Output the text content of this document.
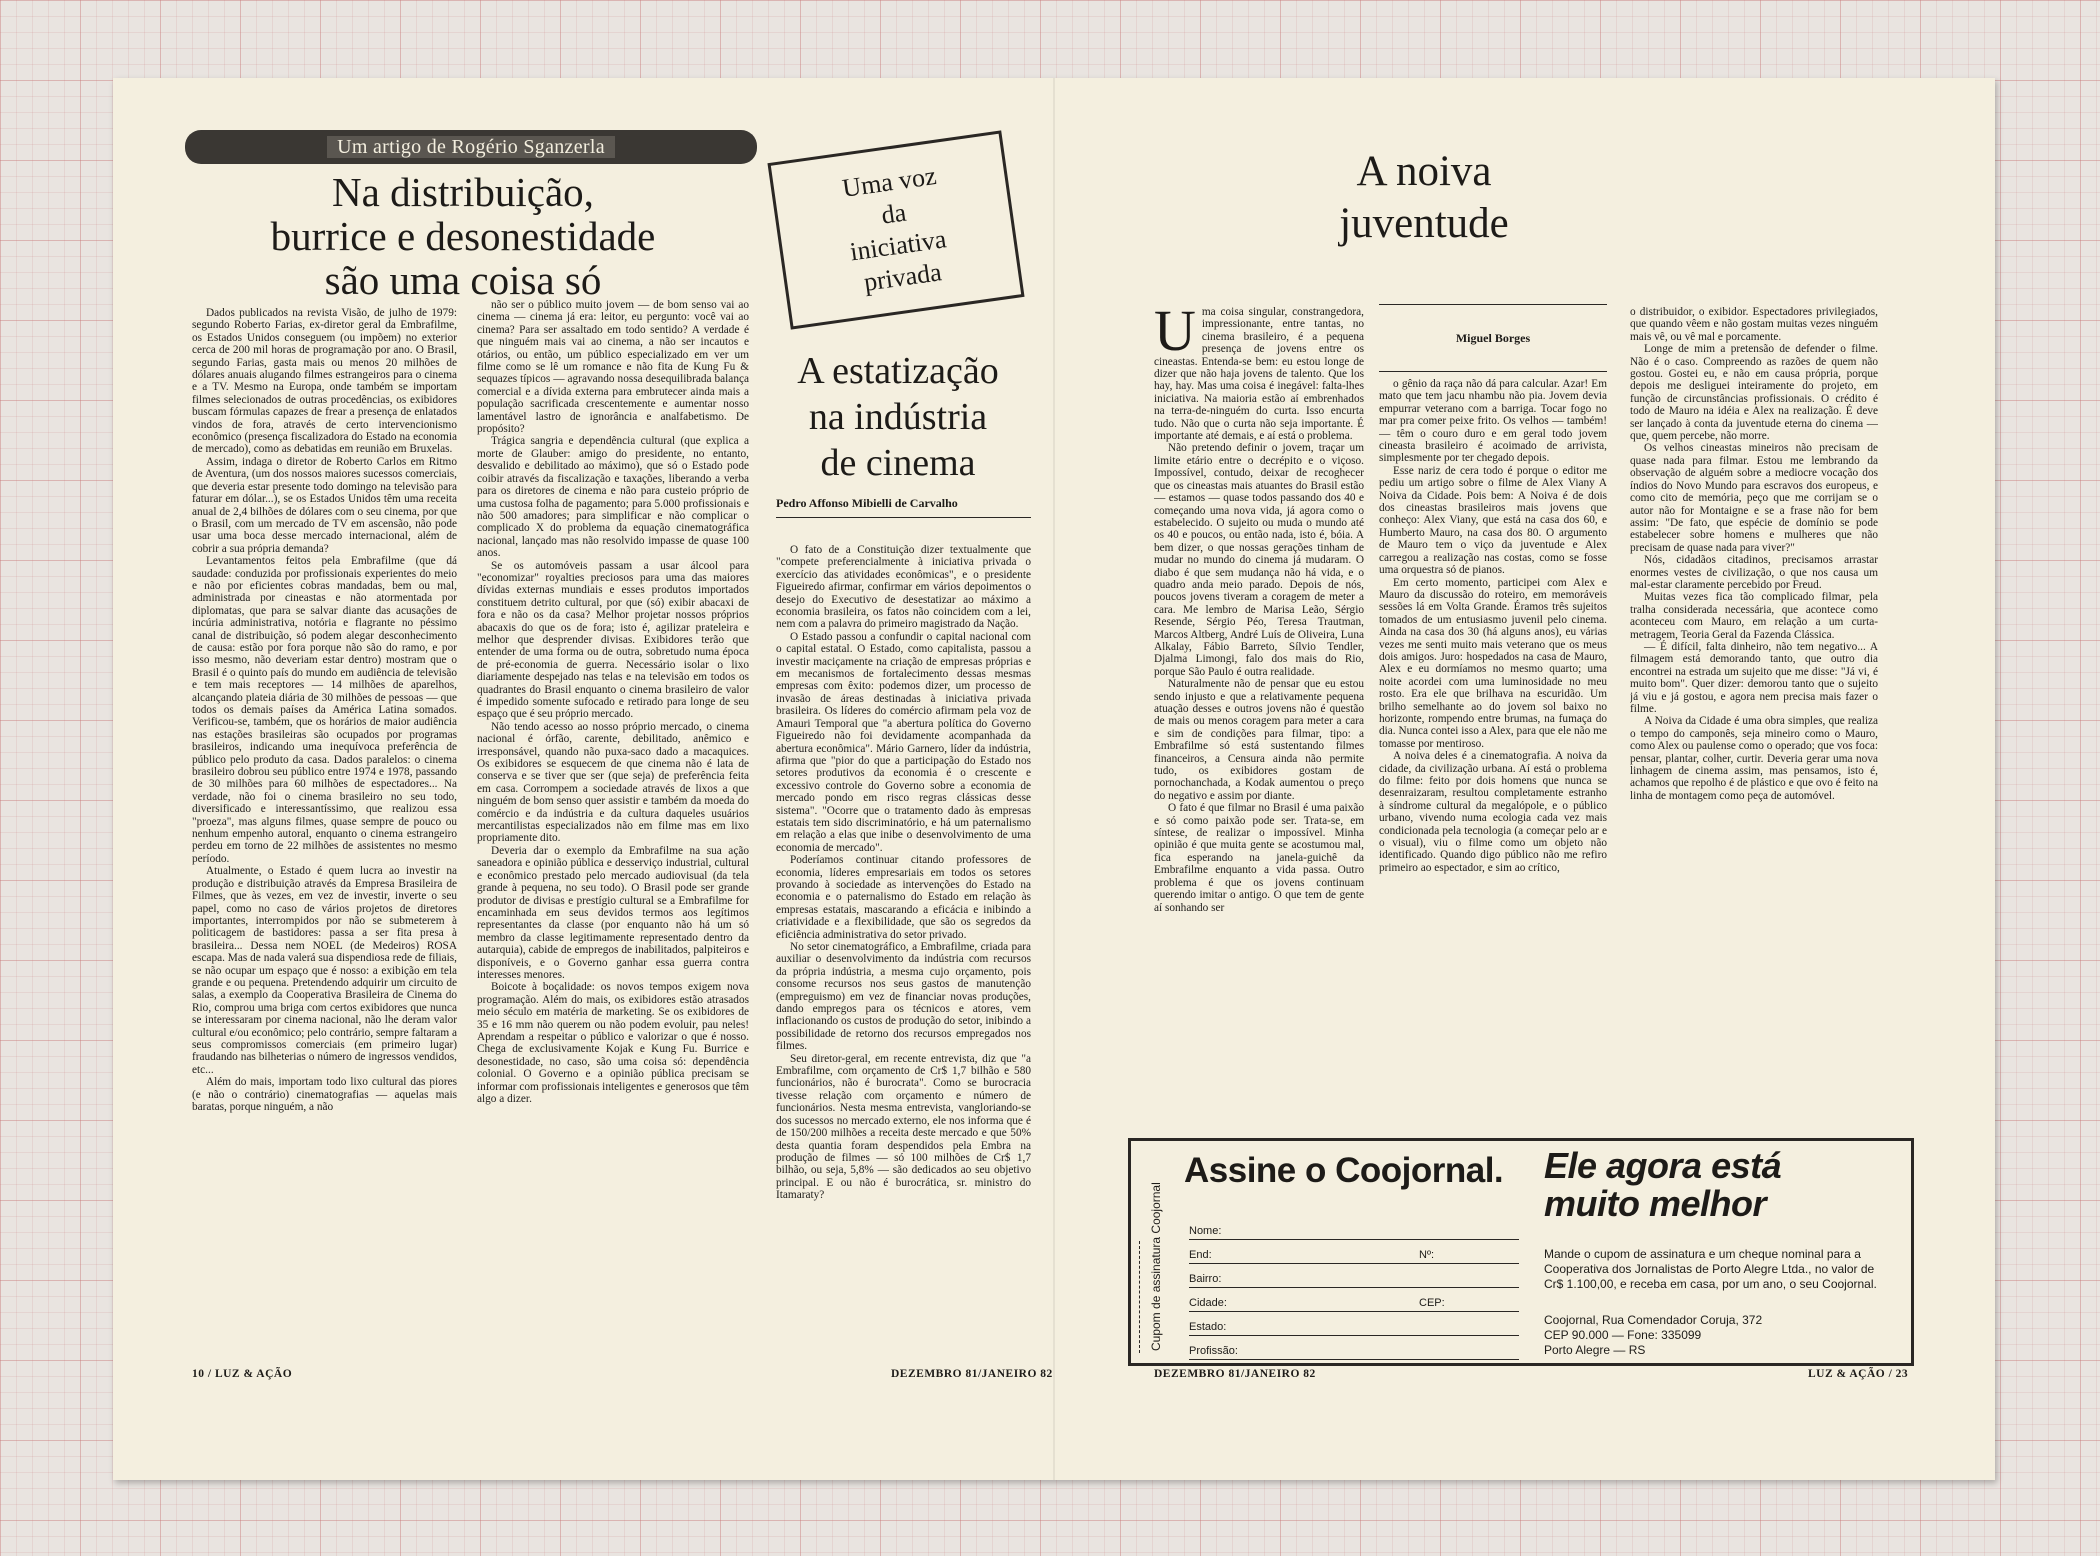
Um artigo de Rogério Sganzerla
Na distribuição,
burrice e desonestidade
são uma coisa só

Dados publicados na revista Visão, de julho de 1979: segundo Roberto Farias, ex-diretor geral da Embrafilme, os Estados Unidos conseguem (ou impõem) no exterior cerca de 200 mil horas de programação por ano. O Brasil, segundo Farias, gasta mais ou menos 20 milhões de dólares anuais alugando filmes estrangeiros para o cinema e a TV. Mesmo na Europa, onde também se importam filmes selecionados de outras procedências, os exibidores buscam fórmulas capazes de frear a presença de enlatados vindos de fora, através de certo intervencionismo econômico (presença fiscalizadora do Estado na economia de mercado), como as debatidas em reunião em Bruxelas.

Assim, indaga o diretor de Roberto Carlos em Ritmo de Aventura, (um dos nossos maiores sucessos comerciais, que deveria estar presente todo domingo na televisão para faturar em dólar...), se os Estados Unidos têm uma receita anual de 2,4 bilhões de dólares com o seu cinema, por que o Brasil, com um mercado de TV em ascensão, não pode usar uma boca desse mercado internacional, além de cobrir a sua própria demanda?

Levantamentos feitos pela Embrafilme (que dá saudade: conduzida por profissionais experientes do meio e não por eficientes cobras mandadas, bem ou mal, administrada por cineastas e não atormentada por diplomatas, que para se salvar diante das acusações de incúria administrativa, notória e flagrante no péssimo canal de distribuição, só podem alegar desconhecimento de causa: estão por fora porque não são do ramo, e por isso mesmo, não deveriam estar dentro) mostram que o Brasil é o quinto país do mundo em audiência de televisão e tem mais receptores — 14 milhões de aparelhos, alcançando plateia diária de 30 milhões de pessoas — que todos os demais países da América Latina somados. Verificou-se, também, que os horários de maior audiência nas estações brasileiras são ocupados por programas brasileiros, indicando uma inequívoca preferência de público pelo produto da casa. Dados paralelos: o cinema brasileiro dobrou seu público entre 1974 e 1978, passando de 30 milhões para 60 milhões de espectadores... Na verdade, não foi o cinema brasileiro no seu todo, diversificado e interessantíssimo, que realizou essa "proeza", mas alguns filmes, quase sempre de pouco ou nenhum empenho autoral, enquanto o cinema estrangeiro perdeu em torno de 22 milhões de assistentes no mesmo período.

Atualmente, o Estado é quem lucra ao investir na produção e distribuição através da Empresa Brasileira de Filmes, que às vezes, em vez de investir, inverte o seu papel, como no caso de vários projetos de diretores importantes, interrompidos por não se submeterem à politicagem de bastidores: passa a ser fita presa à brasileira... Dessa nem NOEL (de Medeiros) ROSA escapa. Mas de nada valerá sua dispendiosa rede de filiais, se não ocupar um espaço que é nosso: a exibição em tela grande e ou pequena. Pretendendo adquirir um circuito de salas, a exemplo da Cooperativa Brasileira de Cinema do Rio, comprou uma briga com certos exibidores que nunca se interessaram por cinema nacional, não lhe deram valor cultural e/ou econômico; pelo contrário, sempre faltaram a seus compromissos comerciais (em primeiro lugar) fraudando nas bilheterias o número de ingressos vendidos, etc...

Além do mais, importam todo lixo cultural das piores (e não o contrário) cinematografias — aquelas mais baratas, porque ninguém, a não

não ser o público muito jovem — de bom senso vai ao cinema — cinema já era: leitor, eu pergunto: você vai ao cinema? Para ser assaltado em todo sentido? A verdade é que ninguém mais vai ao cinema, a não ser incautos e otários, ou então, um público especializado em ver um filme como se lê um romance e não fita de Kung Fu & sequazes típicos — agravando nossa desequilibrada balança comercial e a dívida externa para embrutecer ainda mais a população sacrificada crescentemente e aumentar nosso lamentável lastro de ignorância e analfabetismo. De propósito?

Trágica sangria e dependência cultural (que explica a morte de Glauber: amigo do presidente, no entanto, desvalido e debilitado ao máximo), que só o Estado pode coibir através da fiscalização e taxações, liberando a verba para os diretores de cinema e não para custeio próprio de uma custosa folha de pagamento; para 5.000 profissionais e não 500 amadores; para simplificar e não complicar o complicado X do problema da equação cinematográfica nacional, lançado mas não resolvido impasse de quase 100 anos.

Se os automóveis passam a usar álcool para "economizar" royalties preciosos para uma das maiores dívidas externas mundiais e esses produtos importados constituem detrito cultural, por que (só) exibir abacaxi de fora e não os da casa? Melhor projetar nossos próprios abacaxis do que os de fora; isto é, agilizar prateleira e melhor que desprender divisas. Exibidores terão que entender de uma forma ou de outra, sobretudo numa época de pré-economia de guerra. Necessário isolar o lixo diariamente despejado nas telas e na televisão em todos os quadrantes do Brasil enquanto o cinema brasileiro de valor é impedido somente sufocado e retirado para longe de seu espaço que é seu próprio mercado.

Não tendo acesso ao nosso próprio mercado, o cinema nacional é órfão, carente, debilitado, anêmico e irresponsável, quando não puxa-saco dado a macaquices. Os exibidores se esquecem de que cinema não é lata de conserva e se tiver que ser (que seja) de preferência feita em casa. Corrompem a sociedade através de lixos a que ninguém de bom senso quer assistir e também da moeda do comércio e da indústria e da cultura daqueles usuários mercantilistas especializados não em filme mas em lixo propriamente dito.

Deveria dar o exemplo da Embrafilme na sua ação saneadora e opinião pública e desserviço industrial, cultural e econômico prestado pelo mercado audiovisual (da tela grande à pequena, no seu todo). O Brasil pode ser grande produtor de divisas e prestígio cultural se a Embrafilme for encaminhada em seus devidos termos aos legítimos representantes da classe (por enquanto não há um só membro da classe legitimamente representado dentro da autarquia), cabide de empregos de inabilitados, palpiteiros e disponíveis, e o Governo ganhar essa guerra contra interesses menores.

Boicote à boçalidade: os novos tempos exigem nova programação. Além do mais, os exibidores estão atrasados meio século em matéria de marketing. Se os exibidores de 35 e 16 mm não querem ou não podem evoluir, pau neles! Aprendam a respeitar o público e valorizar o que é nosso. Chega de exclusivamente Kojak e Kung Fu. Burrice e desonestidade, no caso, são uma coisa só: dependência colonial. O Governo e a opinião pública precisam se informar com profissionais inteligentes e generosos que têm algo a dizer.

Uma voz
da
iniciativa
privada
A estatização
na indústria
de cinema
Pedro Affonso Mibielli de Carvalho

O fato de a Constituição dizer textualmente que "compete preferencialmente à iniciativa privada o exercício das atividades econômicas", e o presidente Figueiredo afirmar, confirmar em vários depoimentos o desejo do Executivo de desestatizar ao máximo a economia brasileira, os fatos não coincidem com a lei, nem com a palavra do primeiro magistrado da Nação.

O Estado passou a confundir o capital nacional com o capital estatal. O Estado, como capitalista, passou a investir maciçamente na criação de empresas próprias e em mecanismos de fortalecimento dessas mesmas empresas com êxito: podemos dizer, um processo de invasão de áreas destinadas à iniciativa privada brasileira. Os líderes do comércio afirmam pela voz de Amauri Temporal que "a abertura política do Governo Figueiredo não foi devidamente acompanhada da abertura econômica". Mário Garnero, líder da indústria, afirma que "pior do que a participação do Estado nos setores produtivos da economia é o crescente e excessivo controle do Governo sobre a economia de mercado pondo em risco regras clássicas desse sistema". "Ocorre que o tratamento dado às empresas estatais tem sido discriminatório, e há um paternalismo em relação a elas que inibe o desenvolvimento de uma economia de mercado".

Poderíamos continuar citando professores de economia, líderes empresariais em todos os setores provando à sociedade as intervenções do Estado na economia e o paternalismo do Estado em relação às empresas estatais, mascarando a eficácia e inibindo a criatividade e a flexibilidade, que são os segredos da eficiência administrativa do setor privado.

No setor cinematográfico, a Embrafilme, criada para auxiliar o desenvolvimento da indústria com recursos da própria indústria, a mesma cujo orçamento, pois consome recursos nos seus gastos de manutenção (empreguismo) em vez de financiar novas produções, dando empregos para os técnicos e atores, vem inflacionando os custos de produção do setor, inibindo a possibilidade de retorno dos recursos empregados nos filmes.

Seu diretor-geral, em recente entrevista, diz que "a Embrafilme, com orçamento de Cr$ 1,7 bilhão e 580 funcionários, não é burocrata". Como se burocracia tivesse relação com orçamento e número de funcionários. Nesta mesma entrevista, vangloriando-se dos sucessos no mercado externo, ele nos informa que é de 150/200 milhões a receita deste mercado e que 50% desta quantia foram despendidos pela Embra na produção de filmes — só 100 milhões de Cr$ 1,7 bilhão, ou seja, 5,8% — são dedicados ao seu objetivo principal. E ou não é burocrática, sr. ministro do Itamaraty?

10 / LUZ & AÇÃO	DEZEMBRO 81/JANEIRO 82
A noiva
juventude
Miguel Borges
U ma coisa singular, constrangedora, impressionante, entre tantas, no cinema brasileiro, é a pequena presença de jovens entre os cineastas. Entenda-se bem: eu estou longe de dizer que não haja jovens de talento. Que los hay, hay. Mas uma coisa é inegável: falta-lhes iniciativa. Na maioria estão aí embrenhados na terra-de-ninguém do curta. Isso encurta tudo. Não que o curta não seja importante. É importante até demais, e aí está o problema.

Não pretendo definir o jovem, traçar um limite etário entre o decrépito e o viçoso. Impossível, contudo, deixar de recoghecer que os cineastas mais atuantes do Brasil estão — estamos — quase todos passando dos 40 e começando uma nova vida, já agora como o estabelecido. O sujeito ou muda o mundo até os 40 e poucos, ou então nada, isto é, bóia. A bem dizer, o que nossas gerações tinham de mudar no mundo do cinema já mudaram. O diabo é que sem mudança não há vida, e o quadro anda meio parado. Depois de nós, poucos jovens tiveram a coragem de meter a cara. Me lembro de Marisa Leão, Sérgio Resende, Sérgio Péo, Teresa Trautman, Marcos Altberg, André Luís de Oliveira, Luna Alkalay, Fábio Barreto, Sílvio Tendler, Djalma Limongi, falo dos mais do Rio, porque São Paulo é outra realidade.

Naturalmente não de pensar que eu estou sendo injusto e que a relativamente pequena atuação desses e outros jovens não é questão de mais ou menos coragem para meter a cara e sim de condições para filmar, tipo: a Embrafilme só está sustentando filmes financeiros, a Censura ainda não permite tudo, os exibidores gostam de pornochanchada, a Kodak aumentou o preço do negativo e assim por diante.

O fato é que filmar no Brasil é uma paixão e só como paixão pode ser. Trata-se, em síntese, de realizar o impossível. Minha opinião é que muita gente se acostumou mal, fica esperando na janela-guichê da Embrafilme enquanto a vida passa. Outro problema é que os jovens continuam querendo imitar o antigo. O que tem de gente aí sonhando ser

o gênio da raça não dá para calcular. Azar! Em mato que tem jacu nhambu não pia. Jovem devia empurrar veterano com a barriga. Tocar fogo no mar pra comer peixe frito. Os velhos — também! — têm o couro duro e em geral todo jovem cineasta brasileiro é acoimado de arrivista, simplesmente por ter chegado depois.

Esse nariz de cera todo é porque o editor me pediu um artigo sobre o filme de Alex Viany A Noiva da Cidade. Pois bem: A Noiva é de dois dos cineastas brasileiros mais jovens que conheço: Alex Viany, que está na casa dos 60, e Humberto Mauro, na casa dos 80. O argumento de Mauro tem o viço da juventude e Alex carregou a realização nas costas, como se fosse uma orquestra só de pianos.

Em certo momento, participei com Alex e Mauro da discussão do roteiro, em memoráveis sessões lá em Volta Grande. Éramos três sujeitos tomados de um entusiasmo juvenil pelo cinema. Ainda na casa dos 30 (há alguns anos), eu várias vezes me senti muito mais veterano que os meus dois amigos. Juro: hospedados na casa de Mauro, Alex e eu dormíamos no mesmo quarto; uma noite acordei com uma luminosidade no meu rosto. Era ele que brilhava na escuridão. Um brilho semelhante ao do jovem sol baixo no horizonte, rompendo entre brumas, na fumaça do dia. Nunca contei isso a Alex, para que ele não me tomasse por mentiroso.

A noiva deles é a cinematografia. A noiva da cidade, da civilização urbana. Aí está o problema do filme: feito por dois homens que nunca se desenraizaram, resultou completamente estranho à síndrome cultural da megalópole, e o público urbano, vivendo numa ecologia cada vez mais condicionada pela tecnologia (a começar pelo ar e o visual), viu o filme como um objeto não identificado. Quando digo público não me refiro primeiro ao espectador, e sim ao crítico,

o distribuidor, o exibidor. Espectadores privilegiados, que quando vêem e não gostam muitas vezes ninguém mais vê, ou vê mal e porcamente.

Longe de mim a pretensão de defender o filme. Não é o caso. Compreendo as razões de quem não gostou. Gostei eu, e não em causa própria, porque depois me desliguei inteiramente do projeto, em função de circunstâncias profissionais. O crédito é todo de Mauro na idéia e Alex na realização. É deve ser lançado à conta da juventude eterna do cinema — que, quem percebe, não morre.

Os velhos cineastas mineiros não precisam de quase nada para filmar. Estou me lembrando da observação de alguém sobre a mediocre vocação dos índios do Novo Mundo para escravos dos europeus, e como cito de memória, peço que me corrijam se o autor não for Montaigne e se a frase não for bem assim: "De fato, que espécie de domínio se pode estabelecer sobre homens e mulheres que não precisam de quase nada para viver?"

Nós, cidadãos citadinos, precisamos arrastar enormes vestes de civilização, o que nos causa um mal-estar claramente percebido por Freud.

Muitas vezes fica tão complicado filmar, pela tralha considerada necessária, que acontece como aconteceu com Mauro, em relação a um curta-metragem, Teoria Geral da Fazenda Clássica.

— É difícil, falta dinheiro, não tem negativo... A filmagem está demorando tanto, que outro dia encontrei na estrada um sujeito que me disse: "Já vi, é muito bom". Quer dizer: demorou tanto que o sujeito já viu e já gostou, e agora nem precisa mais fazer o filme.

A Noiva da Cidade é uma obra simples, que realiza o tempo do camponês, seja mineiro como o Mauro, como Alex ou paulense como o operado; que vos foca: pensar, plantar, colher, curtir. Deveria gerar uma nova linhagem de cinema assim, mas pensamos, isto é, achamos que repolho é de plástico e que ovo é feito na linha de montagem como peça de automóvel.

DEZEMBRO 81/JANEIRO 82	LUZ & AÇÃO / 23
Assine o Coojornal. Ele agora está muito melhor
Cupom de assinatura Coojornal Nome:
End:	Nº:
Bairro:
Cidade:	CEP:
Estado:
Profissão:
Mande o cupom de assinatura e um cheque nominal para a Cooperativa dos Jornalistas de Porto Alegre Ltda., no valor de Cr$ 1.100,00, e receba em casa, por um ano, o seu Coojornal.
Coojornal, Rua Comendador Coruja, 372
CEP 90.000 — Fone: 335099
Porto Alegre — RS
